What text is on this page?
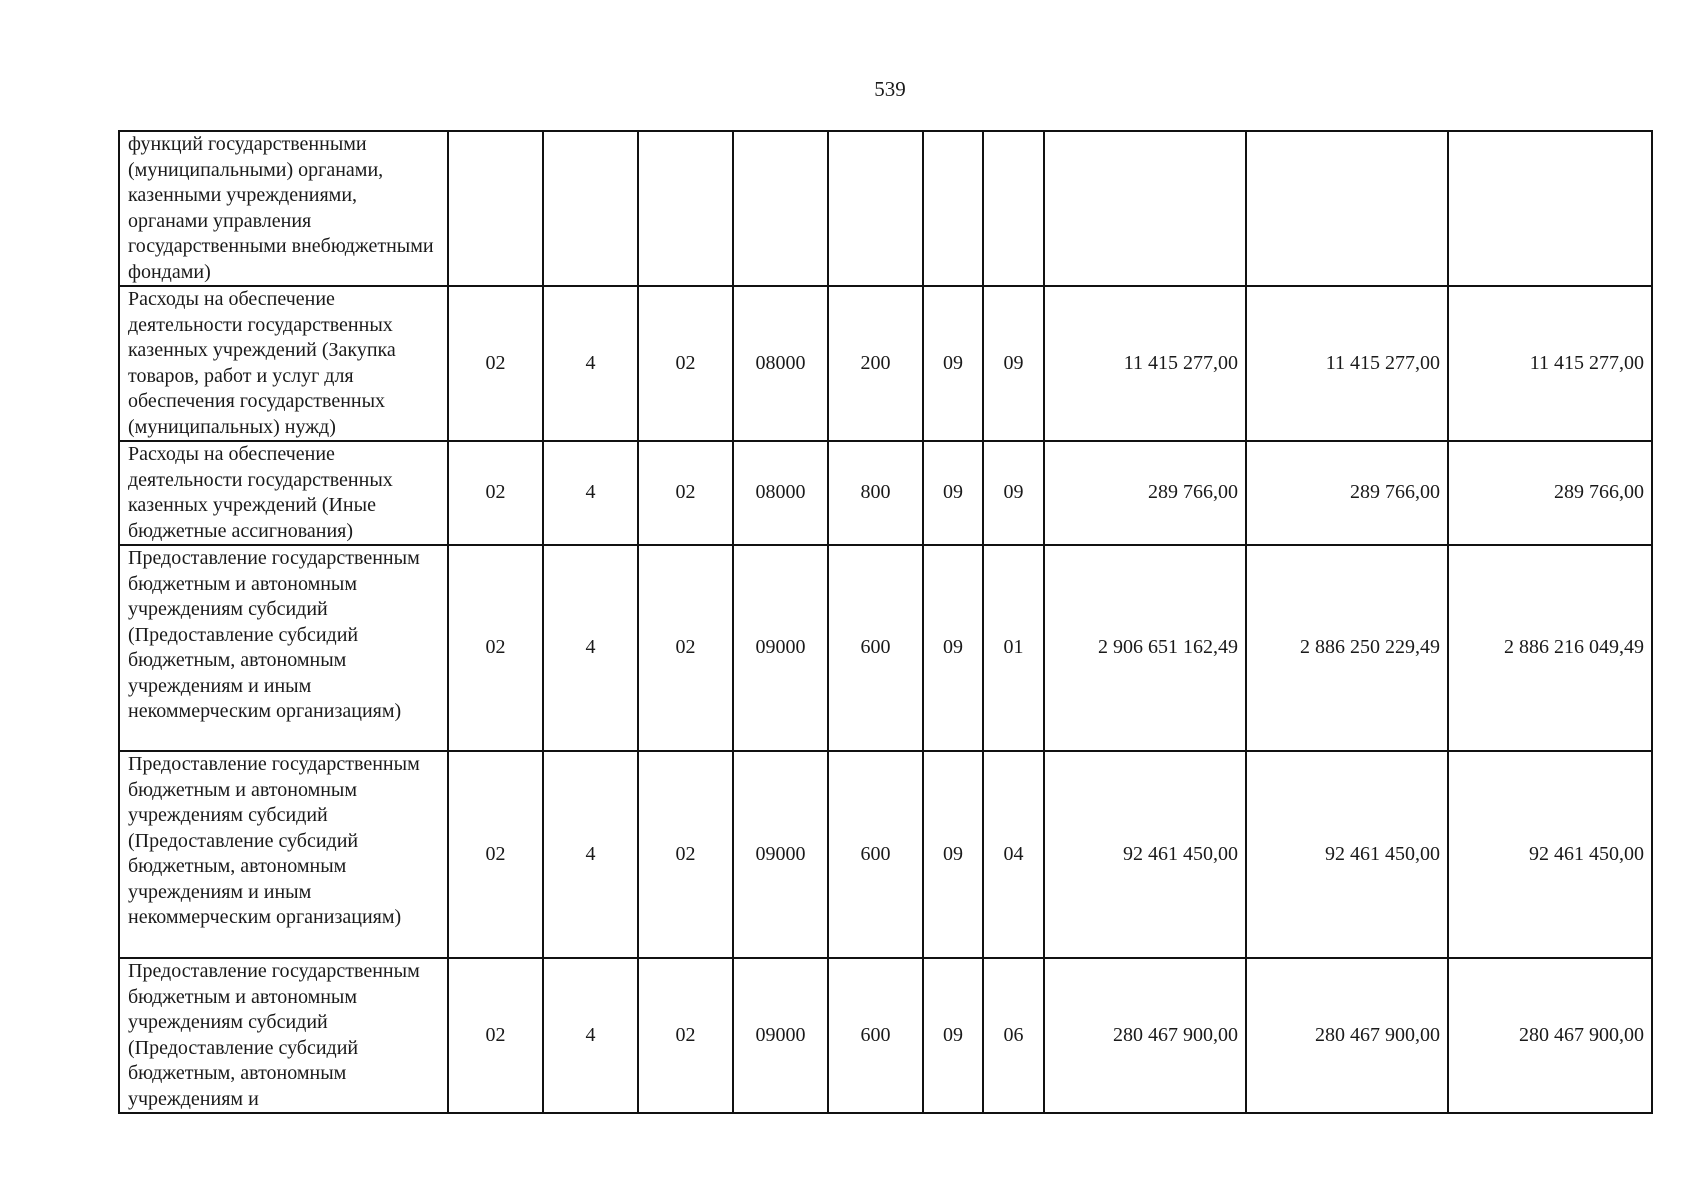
539
функций государственными (муниципальными) органами, казенными учреждениями, органами управления государственными внебюджетными фондами)										
Расходы на обеспечение деятельности государственных казенных учреждений (Закупка товаров, работ и услуг для обеспечения государственных (муниципальных) нужд)	02	4	02	08000	200	09	09	11 415 277,00	11 415 277,00	11 415 277,00
Расходы на обеспечение деятельности государственных казенных учреждений (Иные бюджетные ассигнования)	02	4	02	08000	800	09	09	289 766,00	289 766,00	289 766,00
Предоставление государственным бюджетным и автономным учреждениям субсидий (Предоставление субсидий бюджетным, автономным учреждениям и иным некоммерческим организациям)	02	4	02	09000	600	09	01	2 906 651 162,49	2 886 250 229,49	2 886 216 049,49
Предоставление государственным бюджетным и автономным учреждениям субсидий (Предоставление субсидий бюджетным, автономным учреждениям и иным некоммерческим организациям)	02	4	02	09000	600	09	04	92 461 450,00	92 461 450,00	92 461 450,00
Предоставление государственным бюджетным и автономным учреждениям субсидий (Предоставление субсидий бюджетным, автономным учреждениям и	02	4	02	09000	600	09	06	280 467 900,00	280 467 900,00	280 467 900,00
